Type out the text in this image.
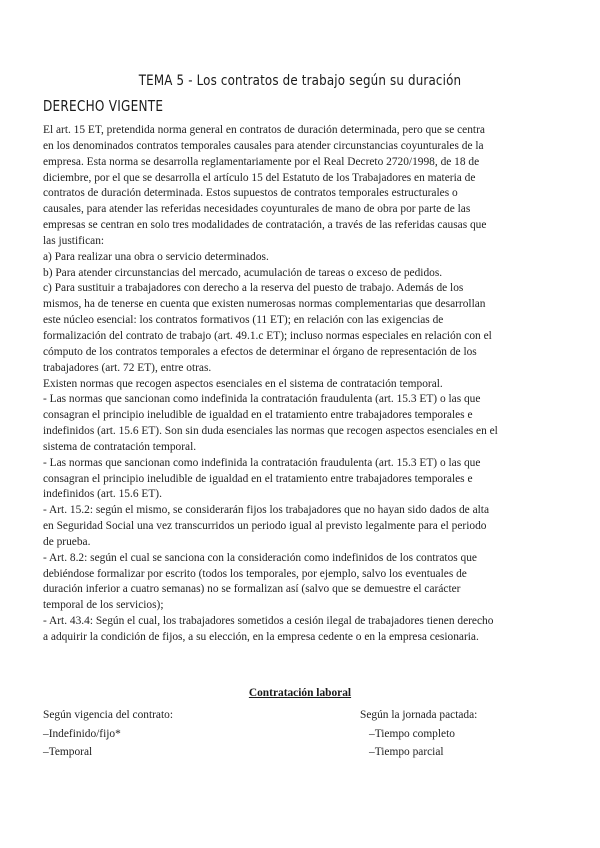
TEMA 5 - Los contratos de trabajo según su duración
DERECHO VIGENTE
El art. 15 ET, pretendida norma general en contratos de duración determinada, pero que se centra
en los denominados contratos temporales causales para atender circunstancias coyunturales de la
empresa. Esta norma se desarrolla reglamentariamente por el Real Decreto 2720/1998, de 18 de
diciembre, por el que se desarrolla el artículo 15 del Estatuto de los Trabajadores en materia de
contratos de duración determinada. Estos supuestos de contratos temporales estructurales o
causales, para atender las referidas necesidades coyunturales de mano de obra por parte de las
empresas se centran en solo tres modalidades de contratación, a través de las referidas causas que
las justifican:
a) Para realizar una obra o servicio determinados.
b) Para atender circunstancias del mercado, acumulación de tareas o exceso de pedidos.
c) Para sustituir a trabajadores con derecho a la reserva del puesto de trabajo. Además de los
mismos, ha de tenerse en cuenta que existen numerosas normas complementarias que desarrollan
este núcleo esencial: los contratos formativos (11 ET); en relación con las exigencias de
formalización del contrato de trabajo (art. 49.1.c ET); incluso normas especiales en relación con el
cómputo de los contratos temporales a efectos de determinar el órgano de representación de los
trabajadores (art. 72 ET), entre otras.
Existen normas que recogen aspectos esenciales en el sistema de contratación temporal.
- Las normas que sancionan como indefinida la contratación fraudulenta (art. 15.3 ET) o las que
consagran el principio ineludible de igualdad en el tratamiento entre trabajadores temporales e
indefinidos (art. 15.6 ET). Son sin duda esenciales las normas que recogen aspectos esenciales en el
sistema de contratación temporal.
- Las normas que sancionan como indefinida la contratación fraudulenta (art. 15.3 ET) o las que
consagran el principio ineludible de igualdad en el tratamiento entre trabajadores temporales e
indefinidos (art. 15.6 ET).
- Art. 15.2: según el mismo, se considerarán fijos los trabajadores que no hayan sido dados de alta
en Seguridad Social una vez transcurridos un periodo igual al previsto legalmente para el periodo
de prueba.
- Art. 8.2: según el cual se sanciona con la consideración como indefinidos de los contratos que
debiéndose formalizar por escrito (todos los temporales, por ejemplo, salvo los eventuales de
duración inferior a cuatro semanas) no se formalizan así (salvo que se demuestre el carácter
temporal de los servicios);
- Art. 43.4: Según el cual, los trabajadores sometidos a cesión ilegal de trabajadores tienen derecho
a adquirir la condición de fijos, a su elección, en la empresa cedente o en la empresa cesionaria.
Contratación laboral
Según vigencia del contrato:
–Indefinido/fijo*
–Temporal
Según la jornada pactada:
–Tiempo completo
–Tiempo parcial
